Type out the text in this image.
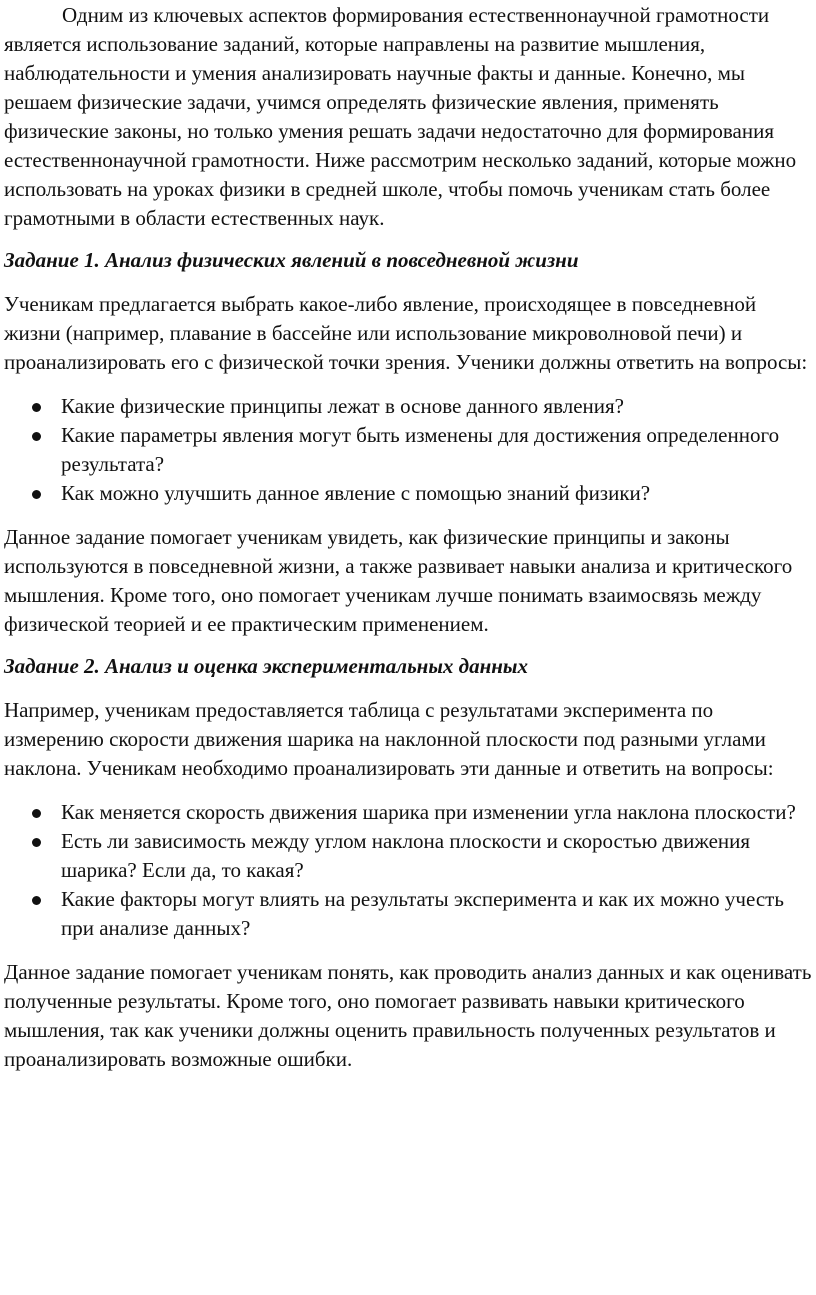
Одним из ключевых аспектов формирования естественнонаучной грамотности является использование заданий, которые направлены на развитие мышления, наблюдательности и умения анализировать научные факты и данные. Конечно, мы решаем физические задачи, учимся определять физические явления, применять физические законы, но только умения решать задачи недостаточно для формирования естественнонаучной грамотности. Ниже рассмотрим несколько заданий, которые можно использовать на уроках физики в средней школе, чтобы помочь ученикам стать более грамотными в области естественных наук.

Задание 1. Анализ физических явлений в повседневной жизни

Ученикам предлагается выбрать какое-либо явление, происходящее в повседневной жизни (например, плавание в бассейне или использование микроволновой печи) и проанализировать его с физической точки зрения. Ученики должны ответить на вопросы:

Какие физические принципы лежат в основе данного явления?
Какие параметры явления могут быть изменены для достижения определенного результата?
Как можно улучшить данное явление с помощью знаний физики?

Данное задание помогает ученикам увидеть, как физические принципы и законы используются в повседневной жизни, а также развивает навыки анализа и критического мышления. Кроме того, оно помогает ученикам лучше понимать взаимосвязь между физической теорией и ее практическим применением.

Задание 2. Анализ и оценка экспериментальных данных

Например, ученикам предоставляется таблица с результатами эксперимента по измерению скорости движения шарика на наклонной плоскости под разными углами наклона. Ученикам необходимо проанализировать эти данные и ответить на вопросы:

Как меняется скорость движения шарика при изменении угла наклона плоскости?
Есть ли зависимость между углом наклона плоскости и скоростью движения шарика? Если да, то какая?
Какие факторы могут влиять на результаты эксперимента и как их можно учесть при анализе данных?

Данное задание помогает ученикам понять, как проводить анализ данных и как оценивать полученные результаты. Кроме того, оно помогает развивать навыки критического мышления, так как ученики должны оценить правильность полученных результатов и проанализировать возможные ошибки.
